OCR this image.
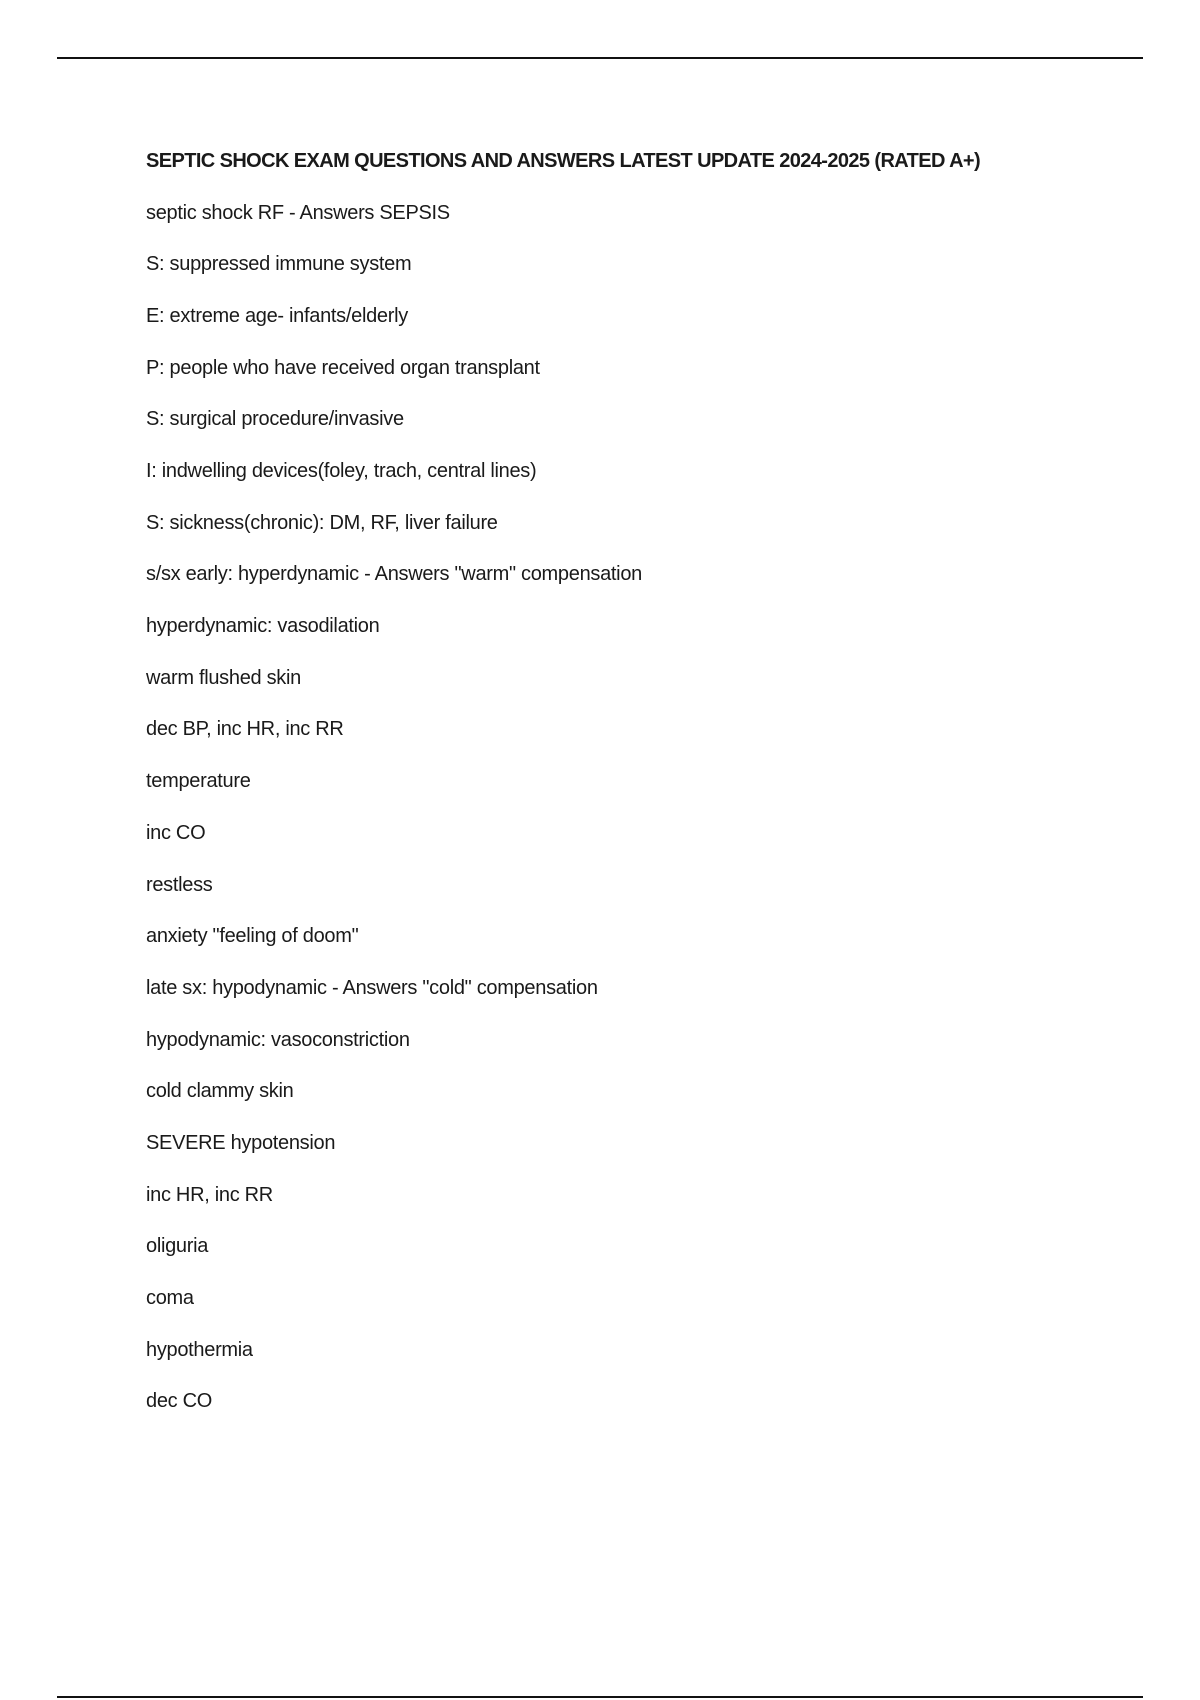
SEPTIC SHOCK EXAM QUESTIONS AND ANSWERS LATEST UPDATE 2024-2025 (RATED A+)
septic shock RF - Answers SEPSIS
S: suppressed immune system
E: extreme age- infants/elderly
P: people who have received organ transplant
S: surgical procedure/invasive
I: indwelling devices(foley, trach, central lines)
S: sickness(chronic): DM, RF, liver failure
s/sx early: hyperdynamic - Answers "warm" compensation
hyperdynamic: vasodilation
warm flushed skin
dec BP, inc HR, inc RR
temperature
inc CO
restless
anxiety "feeling of doom"
late sx: hypodynamic - Answers "cold" compensation
hypodynamic: vasoconstriction
cold clammy skin
SEVERE hypotension
inc HR, inc RR
oliguria
coma
hypothermia
dec CO
